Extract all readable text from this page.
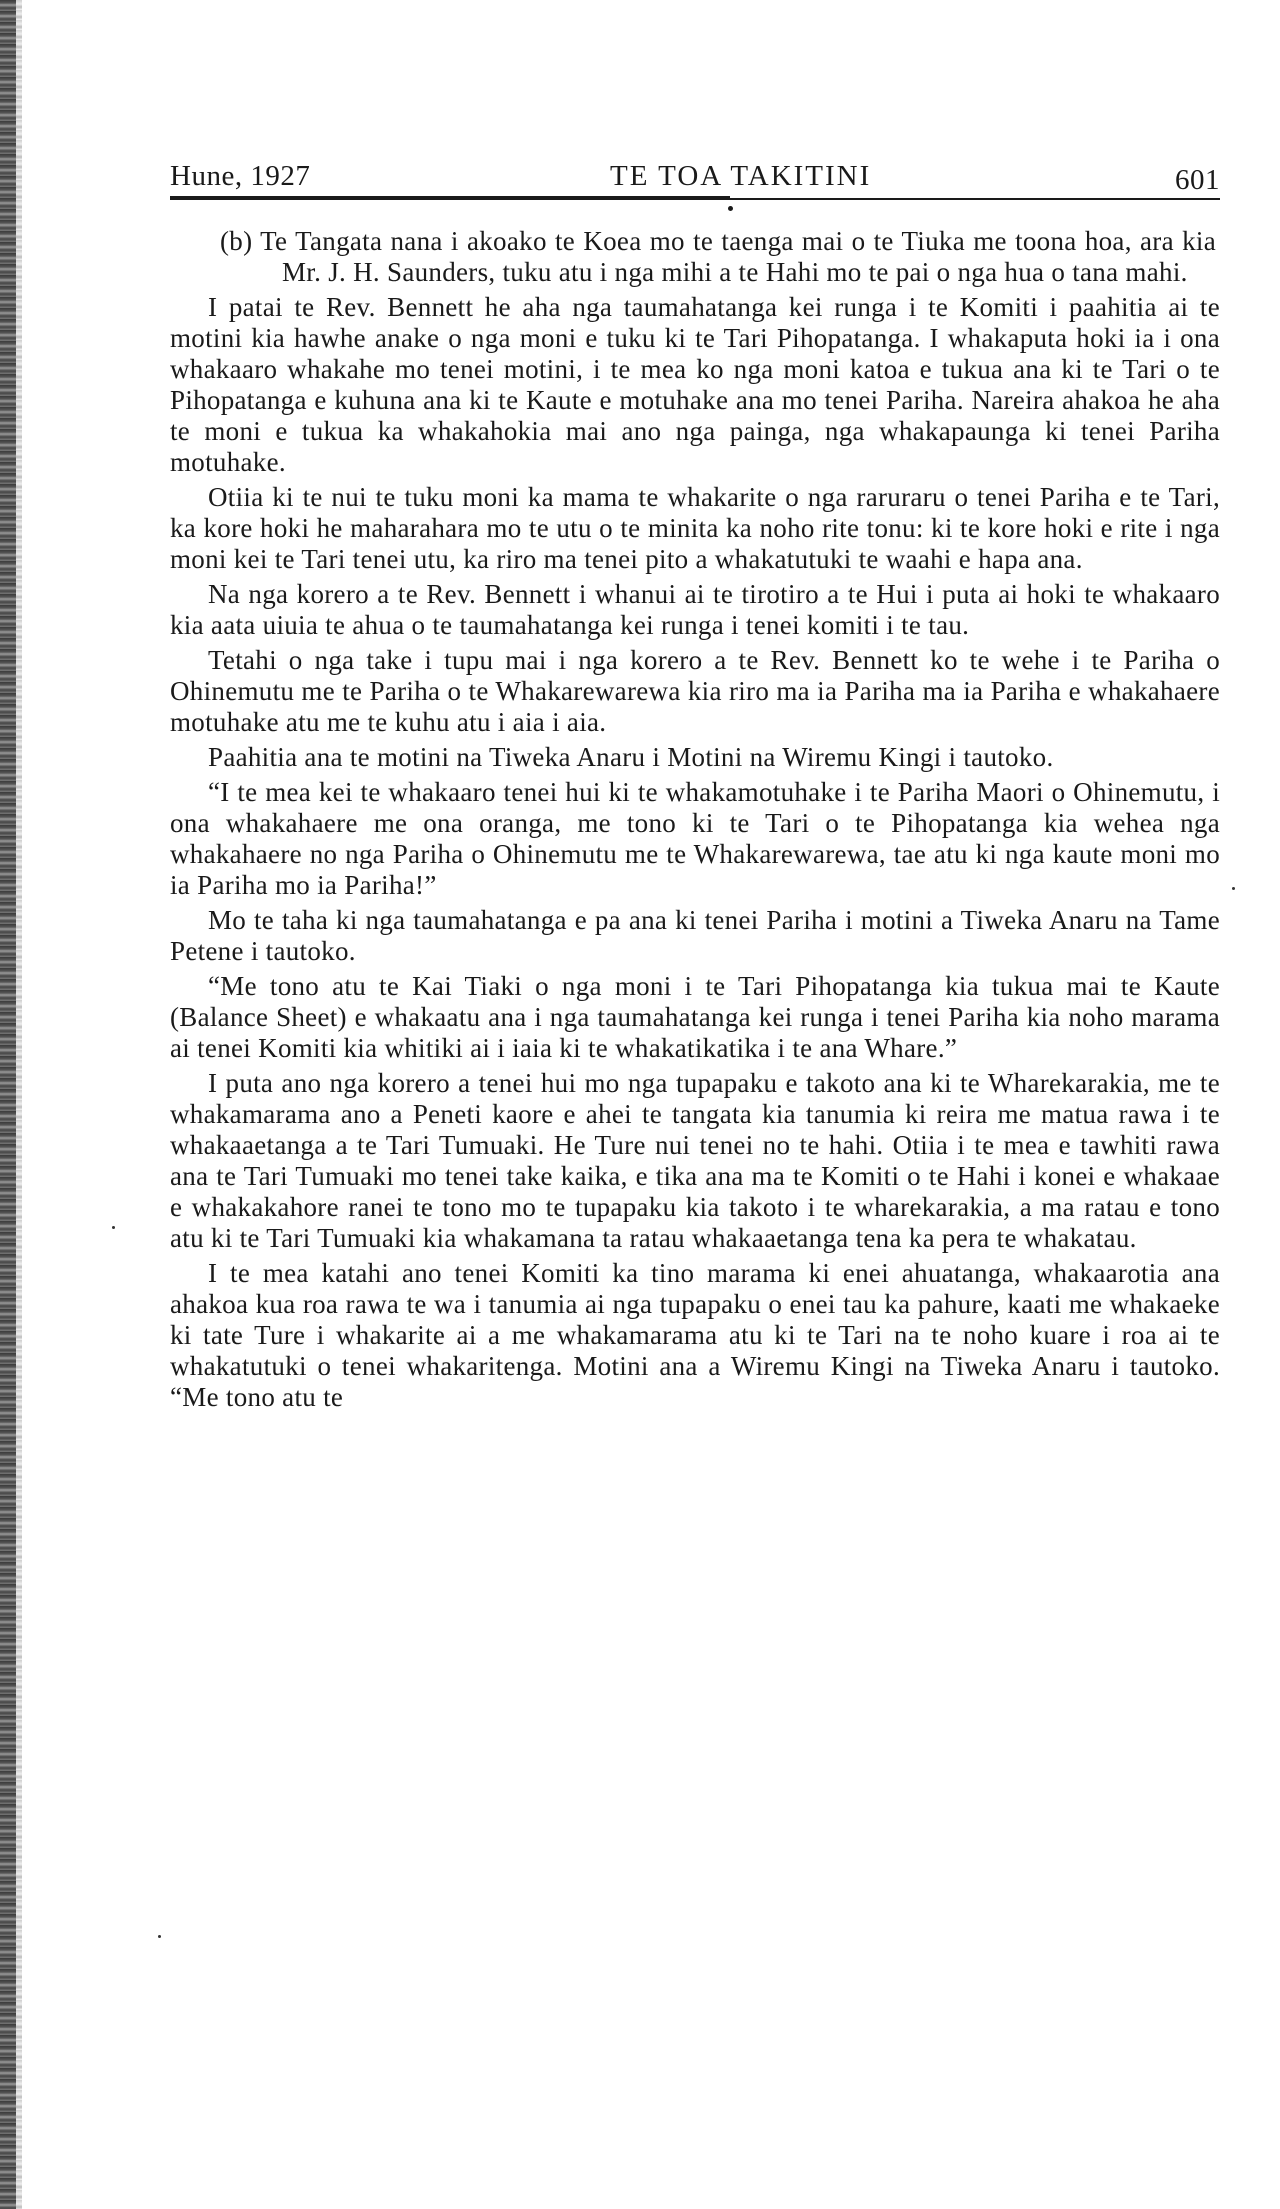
Hune, 1927	TE TOA TAKITINI	601

(b) Te Tangata nana i akoako te Koea mo te taenga mai o te Tiuka me toona hoa, ara kia Mr. J. H. Saunders, tuku atu i nga mihi a te Hahi mo te pai o nga hua o tana mahi.

I patai te Rev. Bennett he aha nga taumahatanga kei runga i te Komiti i paahitia ai te motini kia hawhe anake o nga moni e tuku ki te Tari Pihopatanga. I whakaputa hoki ia i ona whakaaro whakahe mo tenei motini, i te mea ko nga moni katoa e tukua ana ki te Tari o te Pihopatanga e kuhuna ana ki te Kaute e motuhake ana mo tenei Pariha. Nareira ahakoa he aha te moni e tukua ka whakahokia mai ano nga painga, nga whakapaunga ki tenei Pariha motuhake.

Otiia ki te nui te tuku moni ka mama te whakarite o nga raruraru o tenei Pariha e te Tari, ka kore hoki he maharahara mo te utu o te minita ka noho rite tonu: ki te kore hoki e rite i nga moni kei te Tari tenei utu, ka riro ma tenei pito a whakatutuki te waahi e hapa ana.

Na nga korero a te Rev. Bennett i whanui ai te tirotiro a te Hui i puta ai hoki te whakaaro kia aata uiuia te ahua o te taumahatanga kei runga i tenei komiti i te tau.

Tetahi o nga take i tupu mai i nga korero a te Rev. Bennett ko te wehe i te Pariha o Ohinemutu me te Pariha o te Whakarewarewa kia riro ma ia Pariha ma ia Pariha e whakahaere motuhake atu me te kuhu atu i aia i aia.

Paahitia ana te motini na Tiweka Anaru i Motini na Wiremu Kingi i tautoko.

“I te mea kei te whakaaro tenei hui ki te whakamotuhake i te Pariha Maori o Ohinemutu, i ona whakahaere me ona oranga, me tono ki te Tari o te Pihopatanga kia wehea nga whakahaere no nga Pariha o Ohinemutu me te Whakarewarewa, tae atu ki nga kaute moni mo ia Pariha mo ia Pariha!”

Mo te taha ki nga taumahatanga e pa ana ki tenei Pariha i motini a Tiweka Anaru na Tame Petene i tautoko.

“Me tono atu te Kai Tiaki o nga moni i te Tari Pihopatanga kia tukua mai te Kaute (Balance Sheet) e whakaatu ana i nga taumahatanga kei runga i tenei Pariha kia noho marama ai tenei Komiti kia whitiki ai i iaia ki te whakatikatika i te ana Whare.”

I puta ano nga korero a tenei hui mo nga tupapaku e takoto ana ki te Wharekarakia, me te whakamarama ano a Peneti kaore e ahei te tangata kia tanumia ki reira me matua rawa i te whakaaetanga a te Tari Tumuaki. He Ture nui tenei no te hahi. Otiia i te mea e tawhiti rawa ana te Tari Tumuaki mo tenei take kaika, e tika ana ma te Komiti o te Hahi i konei e whakaae e whakakahore ranei te tono mo te tupapaku kia takoto i te wharekarakia, a ma ratau e tono atu ki te Tari Tumuaki kia whakamana ta ratau whakaaetanga tena ka pera te whakatau.

I te mea katahi ano tenei Komiti ka tino marama ki enei ahuatanga, whakaarotia ana ahakoa kua roa rawa te wa i tanumia ai nga tupapaku o enei tau ka pahure, kaati me whakaeke ki tate Ture i whakarite ai a me whakamarama atu ki te Tari na te noho kuare i roa ai te whakatutuki o tenei whakaritenga. Motini ana a Wiremu Kingi na Tiweka Anaru i tautoko. “Me tono atu te
